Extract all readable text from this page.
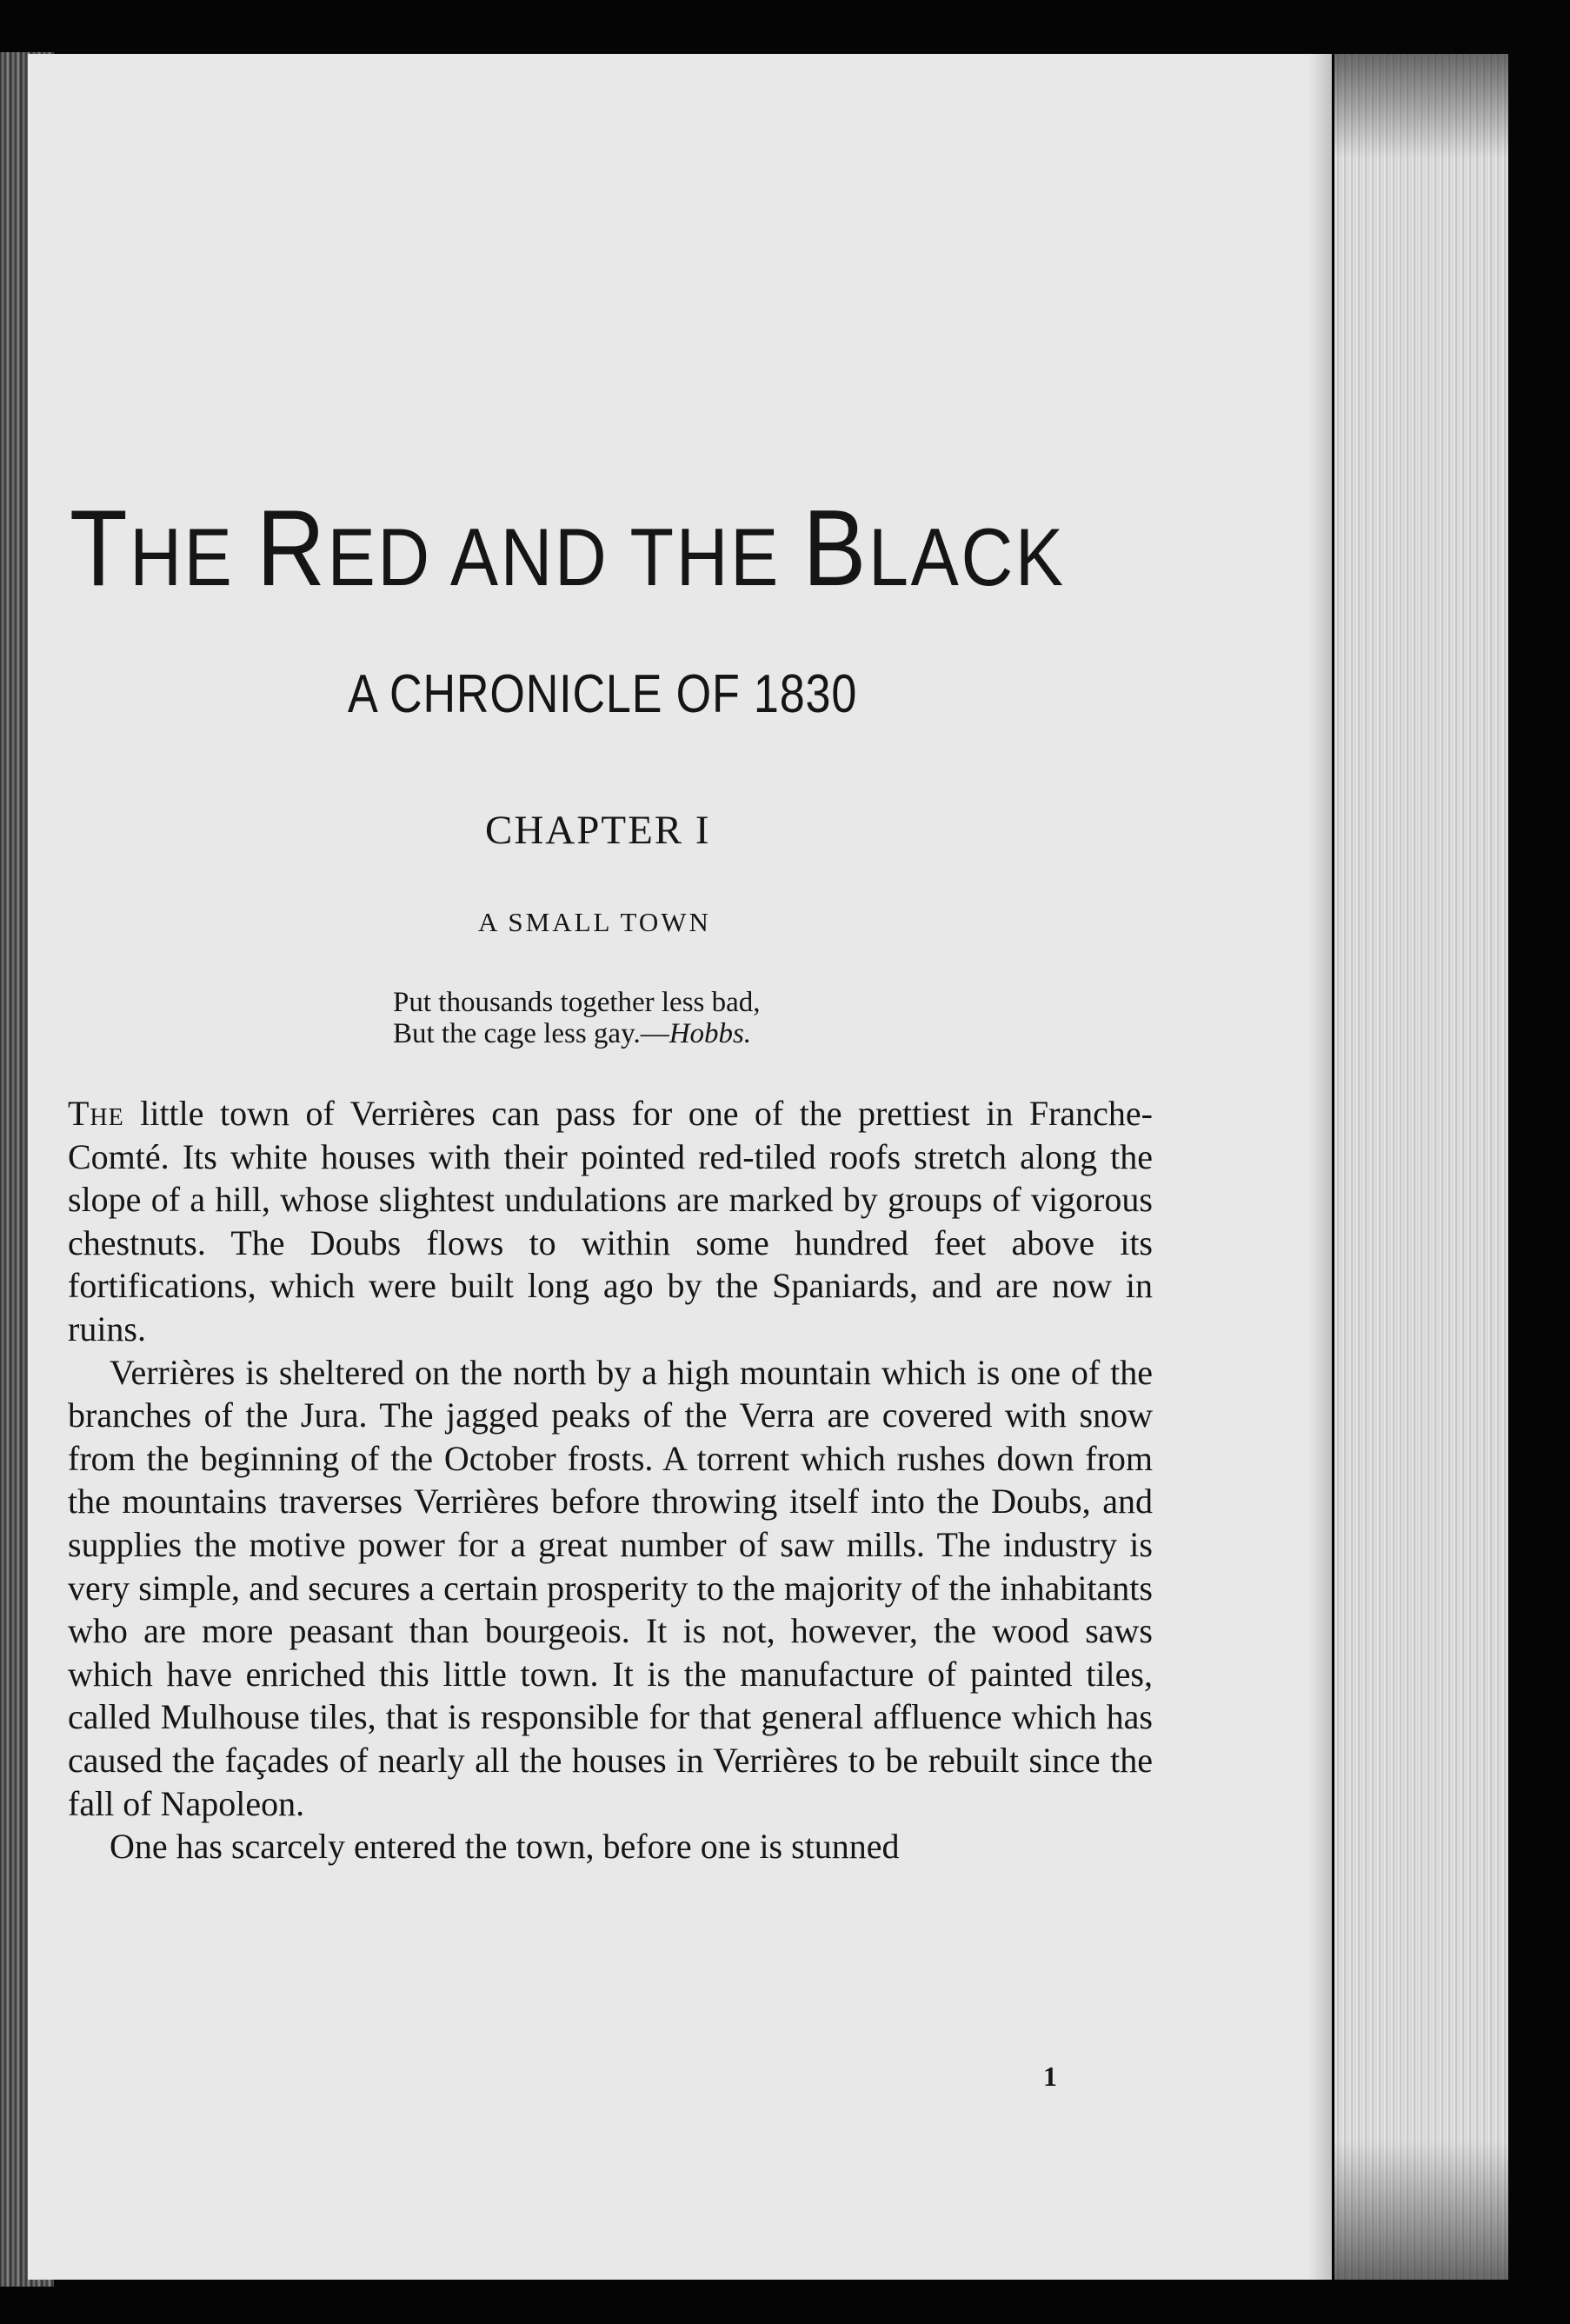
THE RED AND THE BLACK
A CHRONICLE OF 1830
CHAPTER I
A SMALL TOWN
Put thousands together less bad,
But the cage less gay.—Hobbs.

The little town of Verrières can pass for one of the prettiest in Franche-Comté. Its white houses with their pointed red-tiled roofs stretch along the slope of a hill, whose slightest undulations are marked by groups of vigorous chestnuts. The Doubs flows to within some hundred feet above its fortifications, which were built long ago by the Spaniards, and are now in ruins.

Verrières is sheltered on the north by a high mountain which is one of the branches of the Jura. The jagged peaks of the Verra are covered with snow from the beginning of the October frosts. A torrent which rushes down from the mountains traverses Verrières before throwing itself into the Doubs, and supplies the motive power for a great number of saw mills. The industry is very simple, and secures a certain prosperity to the majority of the inhabitants who are more peasant than bourgeois. It is not, however, the wood saws which have enriched this little town. It is the manufacture of painted tiles, called Mulhouse tiles, that is responsible for that general affluence which has caused the façades of nearly all the houses in Verrières to be rebuilt since the fall of Napoleon.

One has scarcely entered the town, before one is stunned

1
